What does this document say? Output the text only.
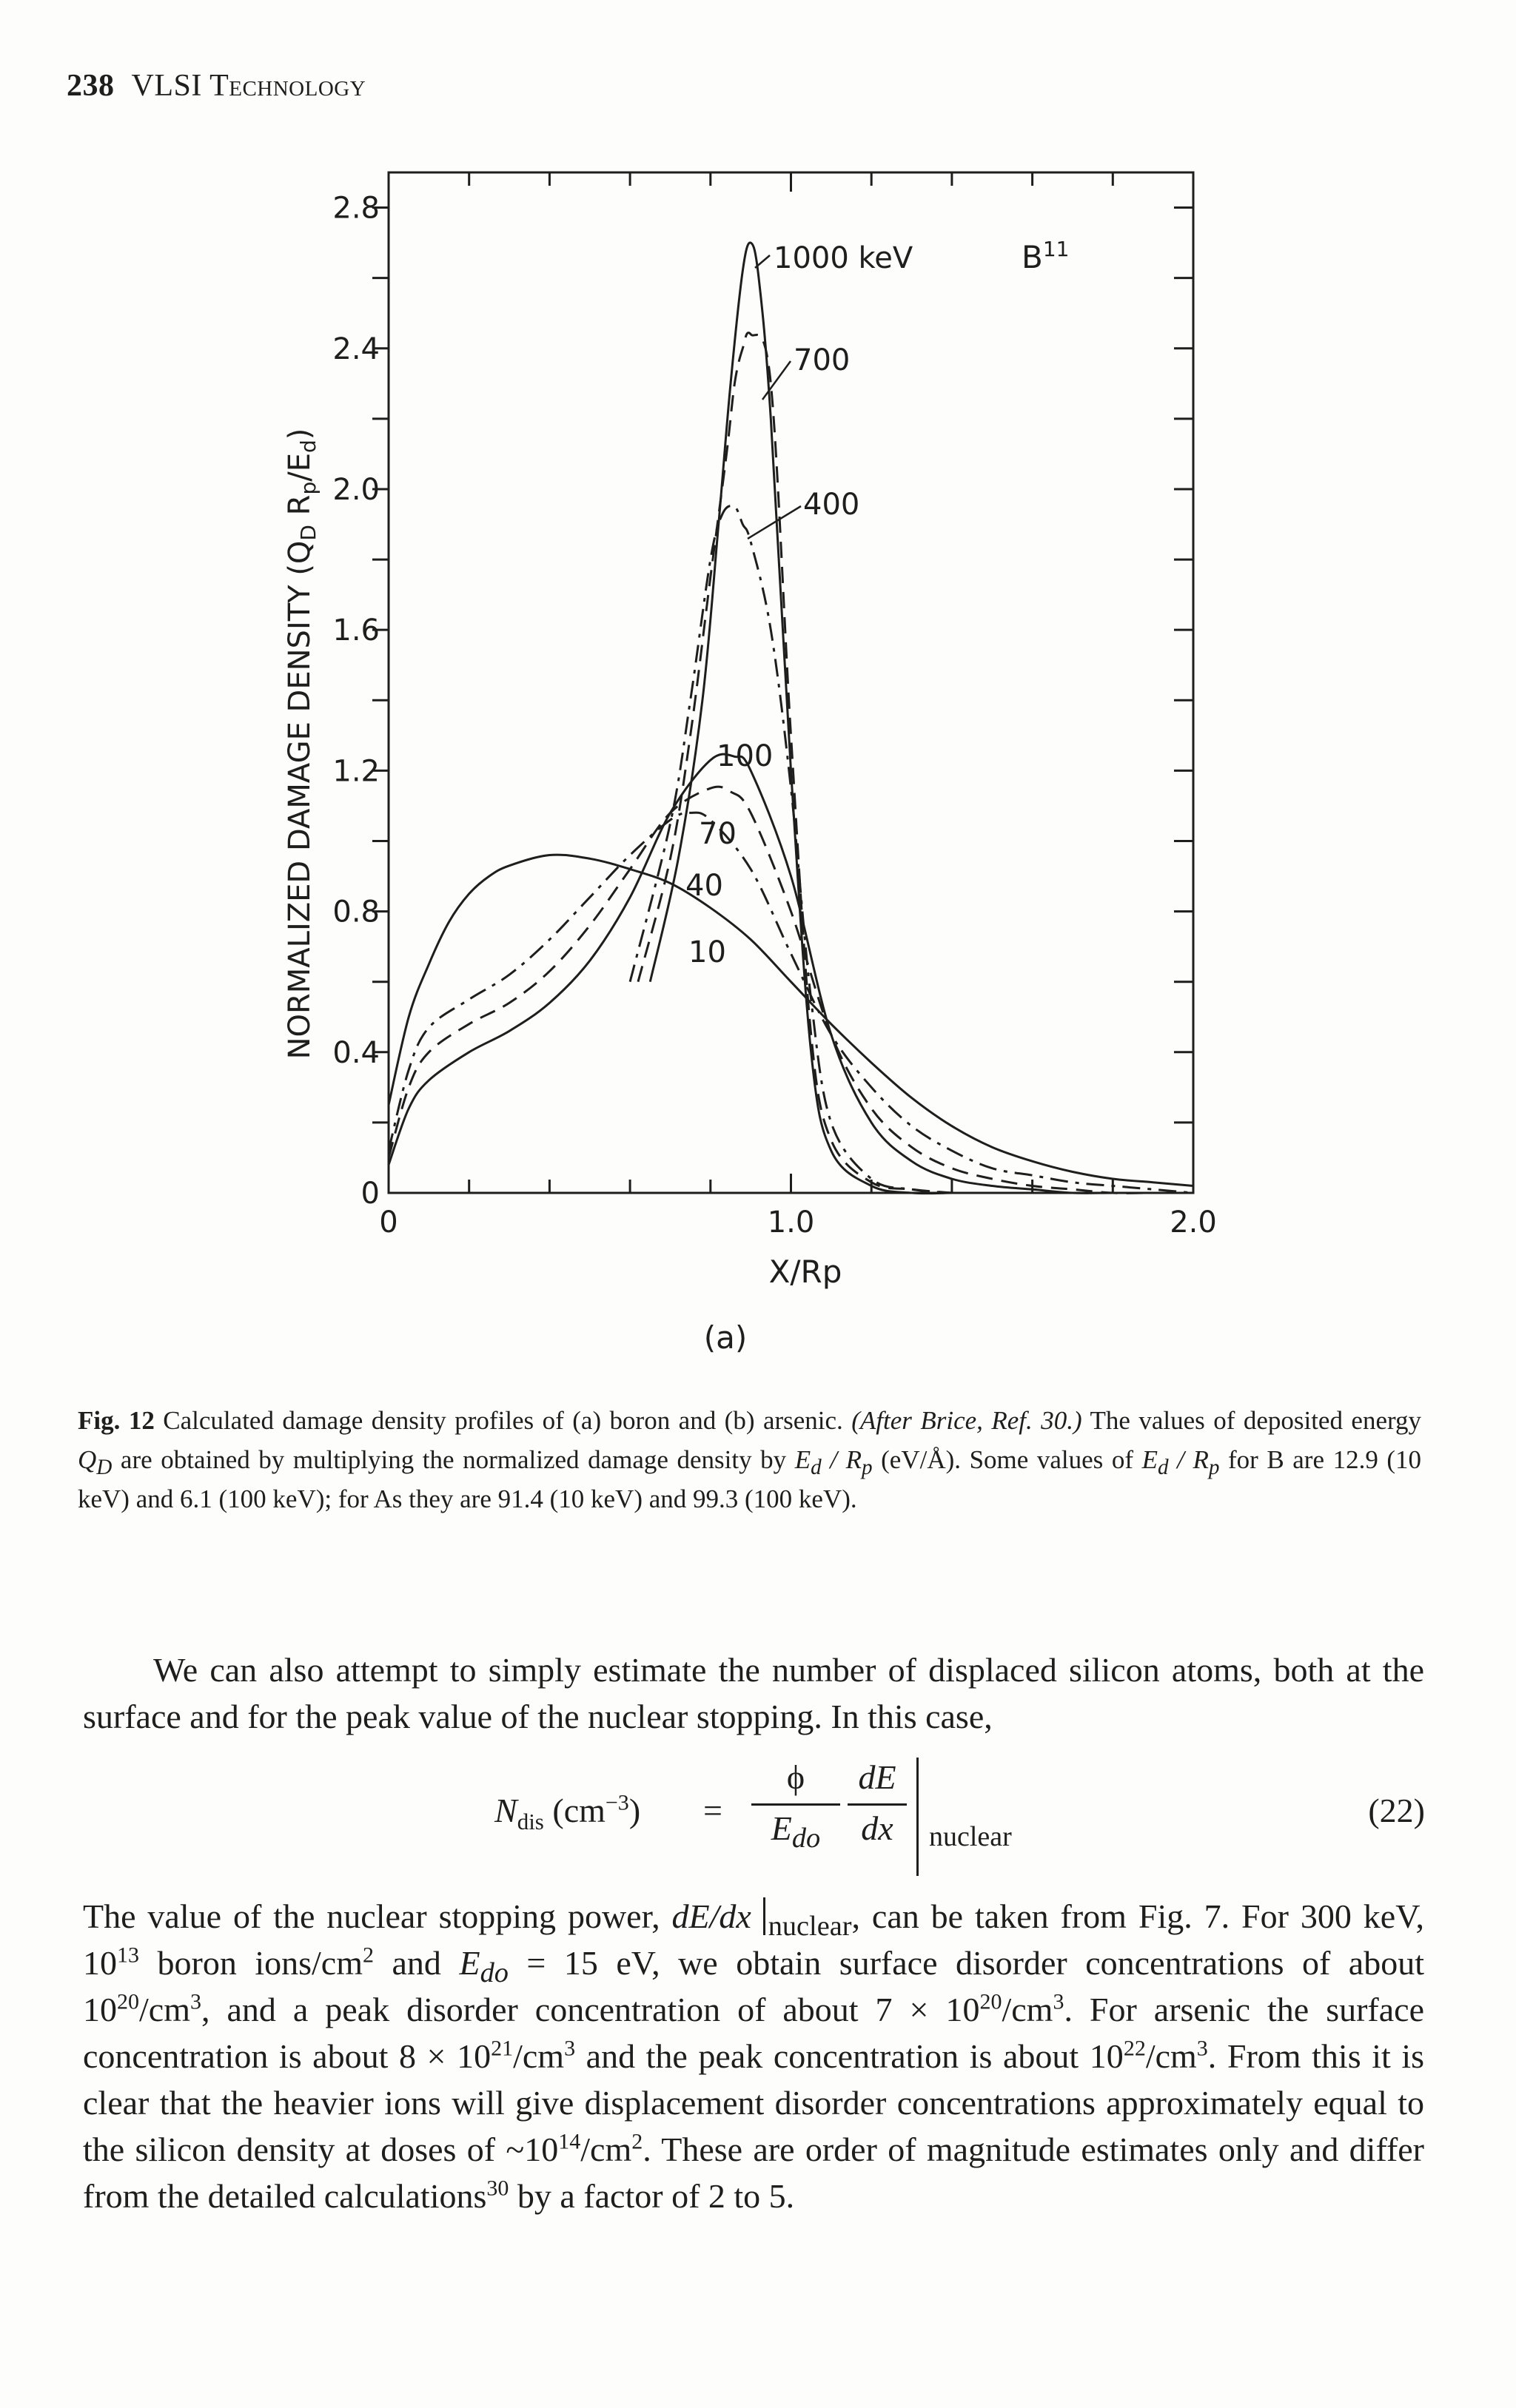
238 VLSI Technology
0	1.0	2.0
0
0.4
0.8
1.2
1.6
2.0
2.4
2.8
1000 keV
700
400
100
70
40
10
$B^{11}$
X/Rp
NORMALIZED DAMAGE DENSITY ($Q_D$ $R_p/E_d$)
(a)
Fig. 12 Calculated damage density profiles of (a) boron and (b) arsenic. (After Brice, Ref. 30.) The values of deposited energy $Q_D$ are obtained by multiplying the normalized damage density by $E_d / R_p$ (eV/Å). Some values of $E_d / R_p$ for B are 12.9 (10 keV) and 6.1 (100 keV); for As they are 91.4 (10 keV) and 99.3 (100 keV).

We can also attempt to simply estimate the number of displaced silicon atoms, both at the surface and for the peak value of the nuclear stopping. In this case,

$N_{dis}$ $(cm^{-3})$ =
ϕ
$E_{do}$
dE
dx	nuclear
(22)

The value of the nuclear stopping power, dE/dx $_{nuclear}$, can be taken from Fig. 7. For 300 keV, $10^{13}$ boron ions/$cm^2$ and $E_{do} = 15$ eV, we obtain surface disorder concentrations of about $10^{20}/cm^3$, and a peak disorder concentration of about $7 \times 10^{20}/cm^3$. For arsenic the surface concentration is about $8 \times 10^{21}/cm^3$ and the peak concentration is about $10^{22}/cm^3$. From this it is clear that the heavier ions will give displacement disorder concentrations approximately equal to the silicon density at doses of $\sim 10^{14}/cm^2$. These are order of magnitude estimates only and differ from the detailed calculations$^{30}$ by a factor of 2 to 5.
